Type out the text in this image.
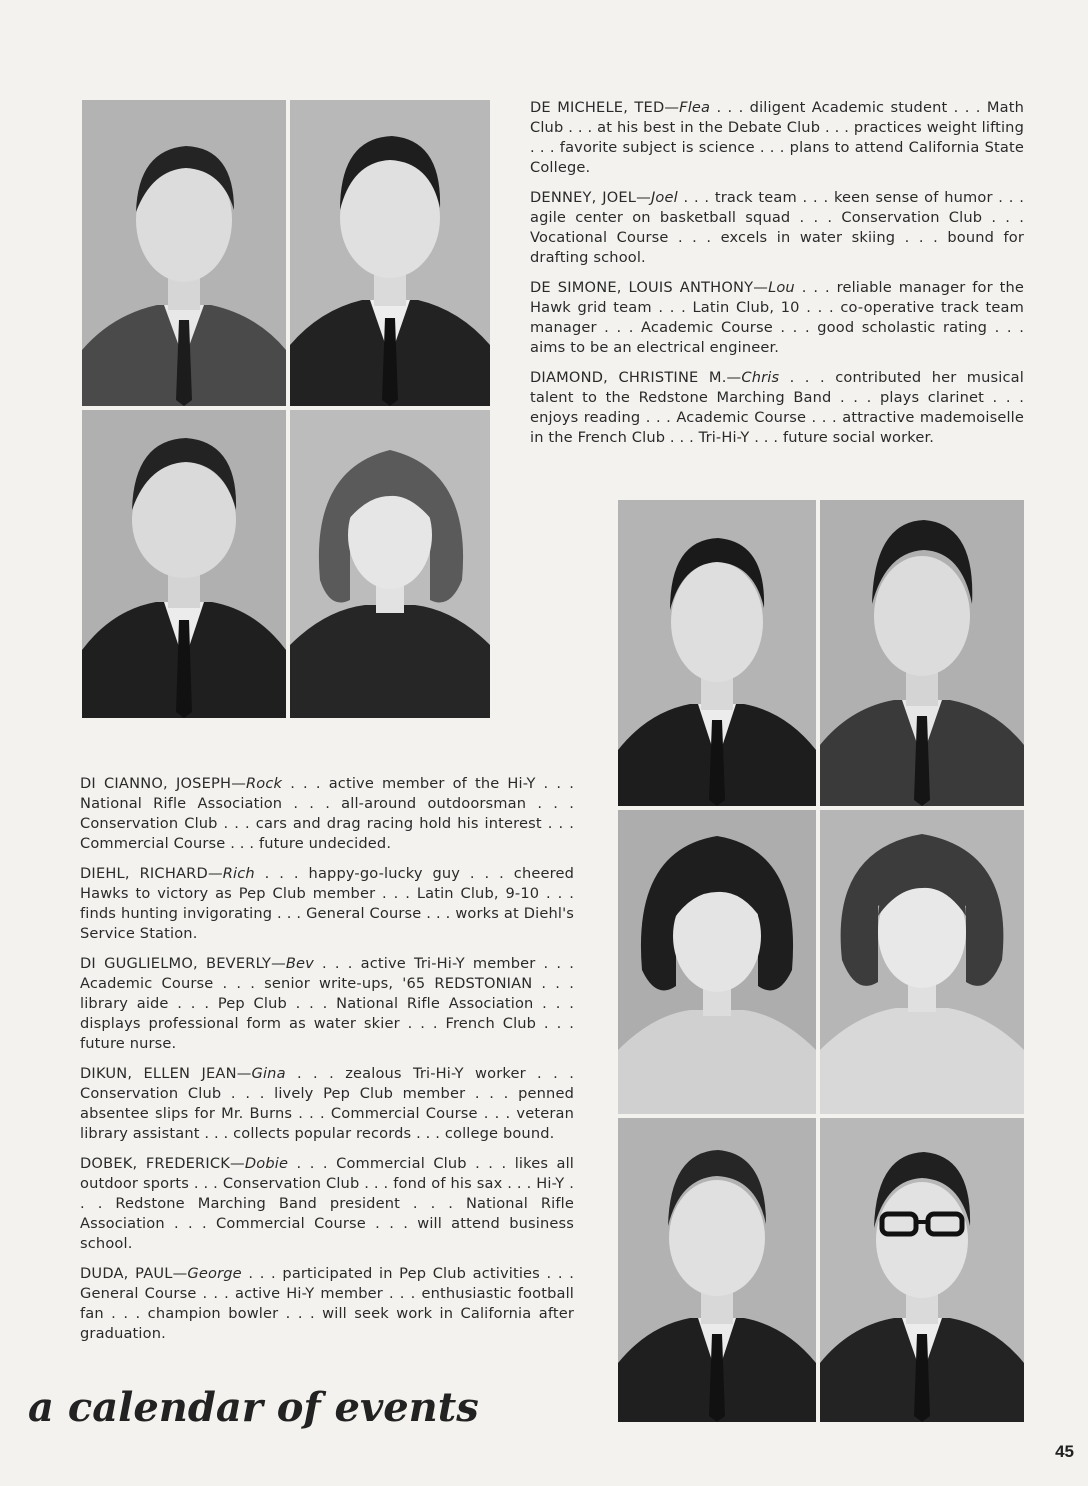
DE MICHELE, TED—Flea . . . diligent Academic student . . . Math Club . . . at his best in the Debate Club . . . practices weight lifting . . . favorite subject is science . . . plans to attend California State College.

DENNEY, JOEL—Joel . . . track team . . . keen sense of humor . . . agile center on basketball squad . . . Conservation Club . . . Vocational Course . . . excels in water skiing . . . bound for drafting school.

DE SIMONE, LOUIS ANTHONY—Lou . . . reliable manager for the Hawk grid team . . . Latin Club, 10 . . . co-operative track team manager . . . Academic Course . . . good scholastic rating . . . aims to be an electrical engineer.

DIAMOND, CHRISTINE M.—Chris . . . contributed her musical talent to the Redstone Marching Band . . . plays clarinet . . . enjoys reading . . . Academic Course . . . attractive mademoiselle in the French Club . . . Tri-Hi-Y . . . future social worker.

DI CIANNO, JOSEPH—Rock . . . active member of the Hi-Y . . . National Rifle Association . . . all-around outdoorsman . . . Conservation Club . . . cars and drag racing hold his interest . . . Commercial Course . . . future undecided.

DIEHL, RICHARD—Rich . . . happy-go-lucky guy . . . cheered Hawks to victory as Pep Club member . . . Latin Club, 9-10 . . . finds hunting invigorating . . . General Course . . . works at Diehl's Service Station.

DI GUGLIELMO, BEVERLY—Bev . . . active Tri-Hi-Y member . . . Academic Course . . . senior write-ups, '65 REDSTONIAN . . . library aide . . . Pep Club . . . National Rifle Association . . . displays professional form as water skier . . . French Club . . . future nurse.

DIKUN, ELLEN JEAN—Gina . . . zealous Tri-Hi-Y worker . . . Conservation Club . . . lively Pep Club member . . . penned absentee slips for Mr. Burns . . . Commercial Course . . . veteran library assistant . . . collects popular records . . . college bound.

DOBEK, FREDERICK—Dobie . . . Commercial Club . . . likes all outdoor sports . . . Conservation Club . . . fond of his sax . . . Hi-Y . . . Redstone Marching Band president . . . National Rifle Association . . . Commercial Course . . . will attend business school.

DUDA, PAUL—George . . . participated in Pep Club activities . . . General Course . . . active Hi-Y member . . . enthusiastic football fan . . . champion bowler . . . will seek work in California after graduation.

a calendar of events
45
